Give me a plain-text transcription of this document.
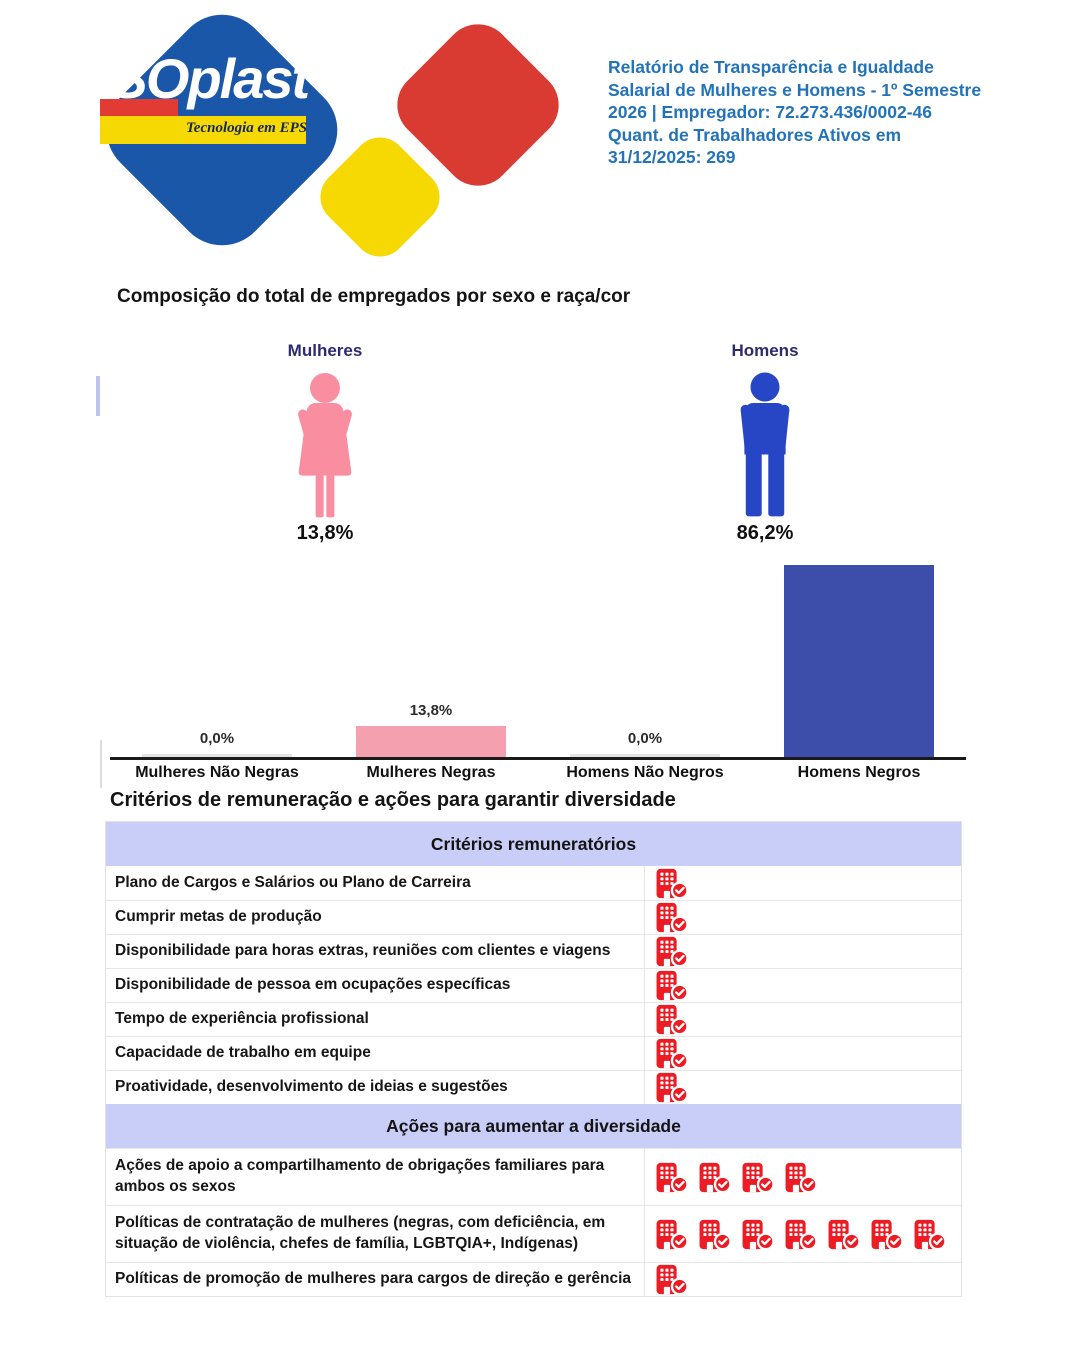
ISOplast
Tecnologia em EPS
Relatório de Transparência e Igualdade
Salarial de Mulheres e Homens - 1º Semestre
2026 | Empregador: 72.273.436/0002-46
Quant. de Trabalhadores Ativos em
31/12/2025: 269
Composição do total de empregados por sexo e raça/cor
Mulheres	Homens
13,8%	86,2%
0,0%
13,8%
0,0%
Mulheres Não Negras	Mulheres Negras	Homens Não Negros	Homens Negros
Critérios de remuneração e ações para garantir diversidade
Critérios remuneratórios
Plano de Cargos e Salários ou Plano de Carreira
Cumprir metas de produção
Disponibilidade para horas extras, reuniões com clientes e viagens
Disponibilidade de pessoa em ocupações específicas
Tempo de experiência profissional
Capacidade de trabalho em equipe
Proatividade, desenvolvimento de ideias e sugestões
Ações para aumentar a diversidade
Ações de apoio a compartilhamento de obrigações familiares para ambos os sexos
Políticas de contratação de mulheres (negras, com deficiência, em situação de violência, chefes de família, LGBTQIA+, Indígenas)
Políticas de promoção de mulheres para cargos de direção e gerência
